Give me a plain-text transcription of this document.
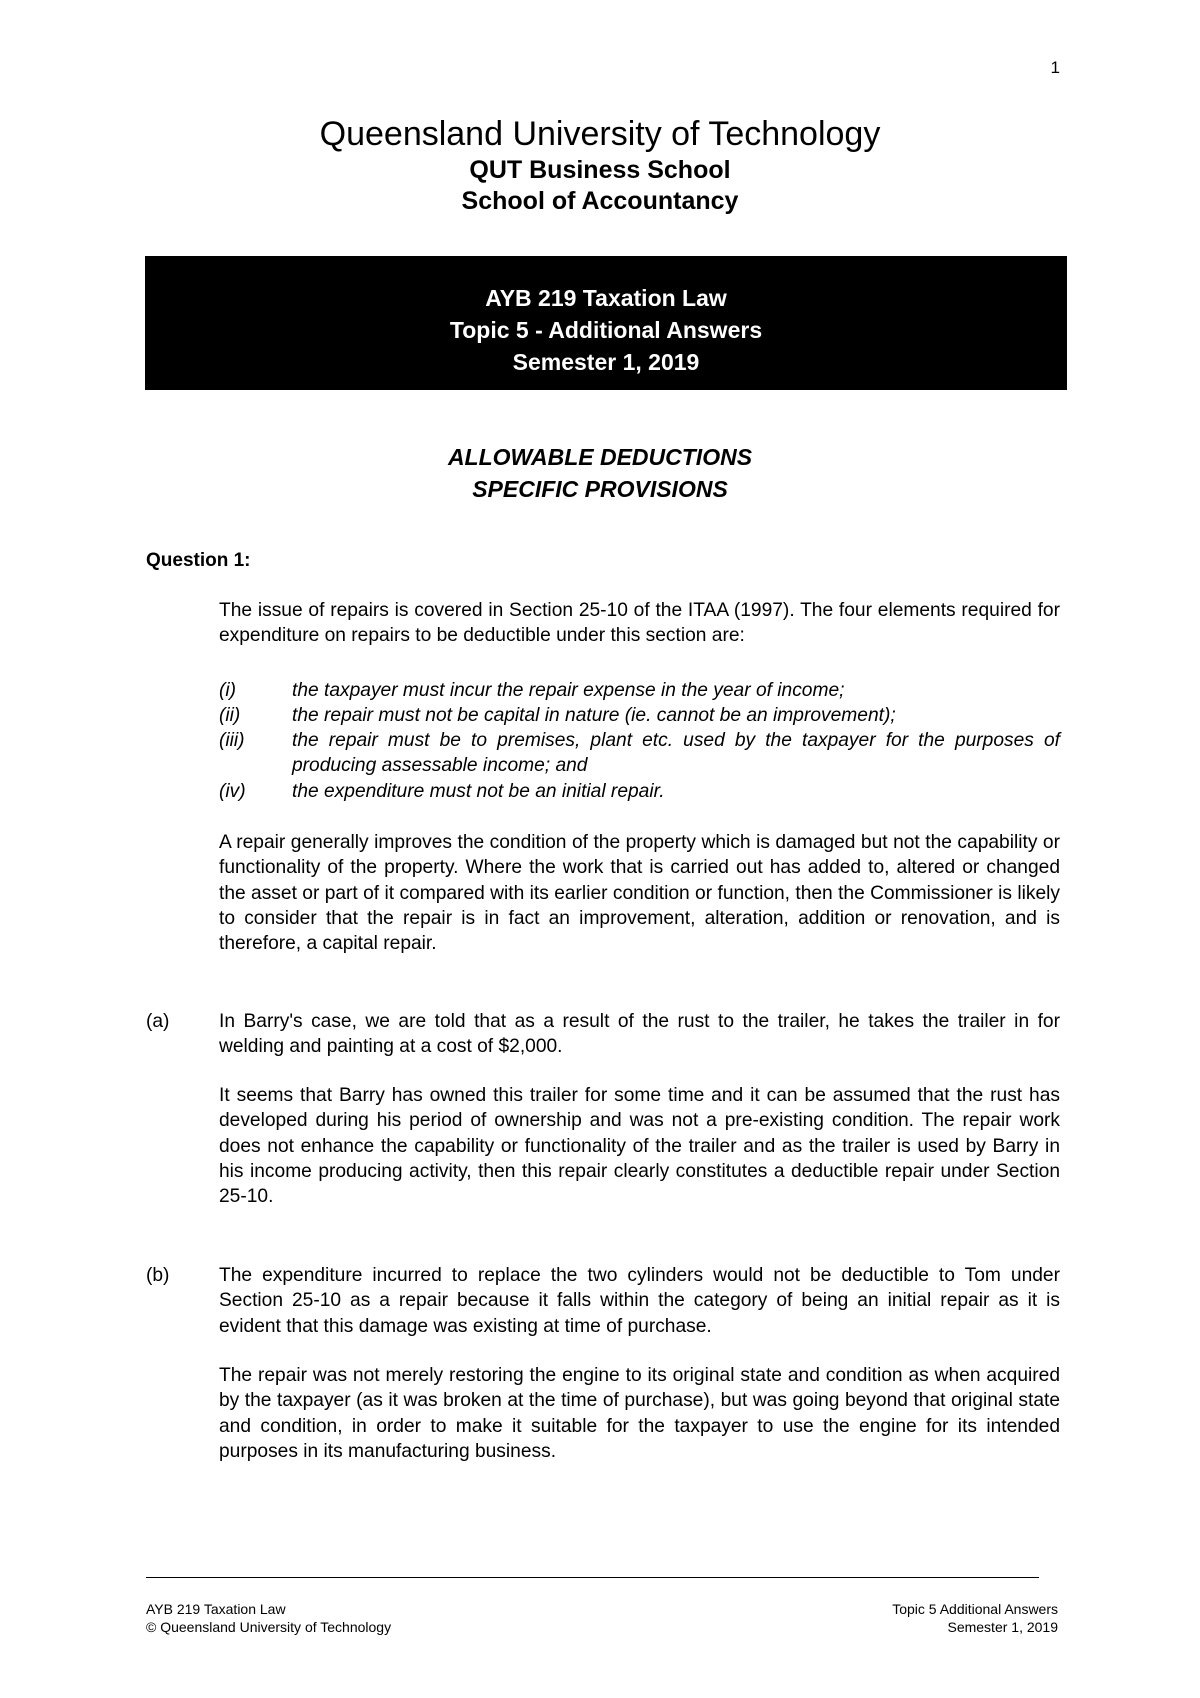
1
Queensland University of Technology
QUT Business School
School of Accountancy
AYB 219 Taxation Law
Topic 5 - Additional Answers
Semester 1, 2019
ALLOWABLE DEDUCTIONS
SPECIFIC PROVISIONS
Question 1:
The issue of repairs is covered in Section 25-10 of the ITAA (1997). The four elements required for expenditure on repairs to be deductible under this section are:
(i)	the taxpayer must incur the repair expense in the year of income;
(ii)	the repair must not be capital in nature (ie. cannot be an improvement);
(iii)	the repair must be to premises, plant etc. used by the taxpayer for the purposes of producing assessable income; and
(iv)	the expenditure must not be an initial repair.
A repair generally improves the condition of the property which is damaged but not the capability or functionality of the property. Where the work that is carried out has added to, altered or changed the asset or part of it compared with its earlier condition or function, then the Commissioner is likely to consider that the repair is in fact an improvement, alteration, addition or renovation, and is therefore, a capital repair.
(a)	In Barry's case, we are told that as a result of the rust to the trailer, he takes the trailer in for welding and painting at a cost of $2,000.
It seems that Barry has owned this trailer for some time and it can be assumed that the rust has developed during his period of ownership and was not a pre-existing condition. The repair work does not enhance the capability or functionality of the trailer and as the trailer is used by Barry in his income producing activity, then this repair clearly constitutes a deductible repair under Section 25-10.
(b)	The expenditure incurred to replace the two cylinders would not be deductible to Tom under Section 25-10 as a repair because it falls within the category of being an initial repair as it is evident that this damage was existing at time of purchase.
The repair was not merely restoring the engine to its original state and condition as when acquired by the taxpayer (as it was broken at the time of purchase), but was going beyond that original state and condition, in order to make it suitable for the taxpayer to use the engine for its intended purposes in its manufacturing business.
AYB 219 Taxation Law
© Queensland University of Technology
Topic 5 Additional Answers
Semester 1, 2019
